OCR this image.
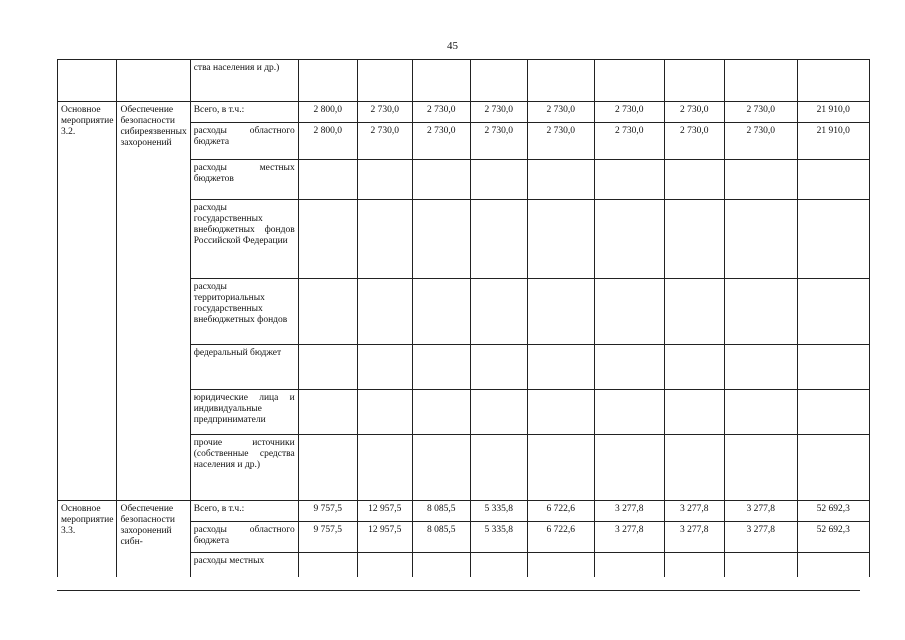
45
		ства населения и др.)									
Основное мероприятие 3.2.	Обеспечение безопасности сибиреязвенных захоронений	Всего, в т.ч.:	2 800,0	2 730,0	2 730,0	2 730,0	2 730,0	2 730,0	2 730,0	2 730,0	21 910,0
		расходы областного бюджета	2 800,0	2 730,0	2 730,0	2 730,0	2 730,0	2 730,0	2 730,0	2 730,0	21 910,0
		расходы местных бюджетов									
		расходы государственных внебюджетных фондов Российской Федерации									
		расходы территориальных государственных внебюджетных фондов									
		федеральный бюджет									
		юридические лица и индивидуальные предприниматели									
		прочие источники (собственные средства населения и др.)									
Основное мероприятие 3.3.	Обеспечение безопасности захоронений сибн-	Всего, в т.ч.:	9 757,5	12 957,5	8 085,5	5 335,8	6 722,6	3 277,8	3 277,8	3 277,8	52 692,3
		расходы областного бюджета	9 757,5	12 957,5	8 085,5	5 335,8	6 722,6	3 277,8	3 277,8	3 277,8	52 692,3
		расходы местных									
